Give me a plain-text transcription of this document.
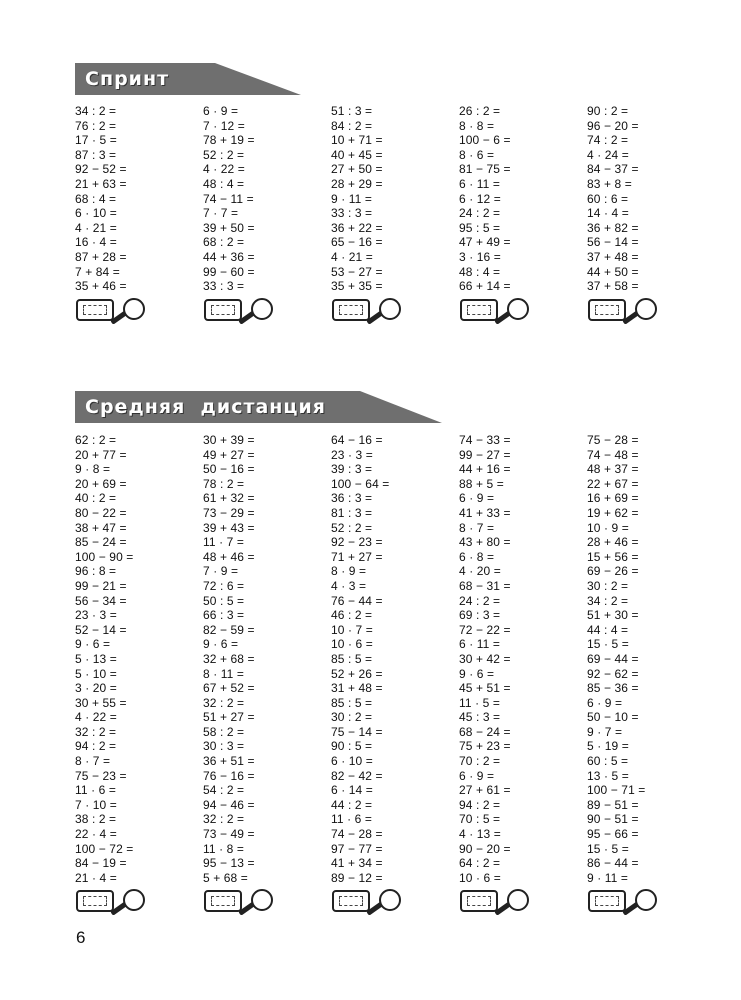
Спринт
34 : 2 =
76 : 2 =
17 · 5 =
87 : 3 =
92 − 52 =
21 + 63 =
68 : 4 =
6 · 10 =
4 · 21 =
16 · 4 =
87 + 28 =
7 + 84 =
35 + 46 =
6 · 9 =
7 · 12 =
78 + 19 =
52 : 2 =
4 · 22 =
48 : 4 =
74 − 11 =
7 · 7 =
39 + 50 =
68 : 2 =
44 + 36 =
99 − 60 =
33 : 3 =
51 : 3 =
84 : 2 =
10 + 71 =
40 + 45 =
27 + 50 =
28 + 29 =
9 · 11 =
33 : 3 =
36 + 22 =
65 − 16 =
4 · 21 =
53 − 27 =
35 + 35 =
26 : 2 =
8 · 8 =
100 − 6 =
8 · 6 =
81 − 75 =
6 · 11 =
6 · 12 =
24 : 2 =
95 : 5 =
47 + 49 =
3 · 16 =
48 : 4 =
66 + 14 =
90 : 2 =
96 − 20 =
74 : 2 =
4 · 24 =
84 − 37 =
83 + 8 =
60 : 6 =
14 · 4 =
36 + 82 =
56 − 14 =
37 + 48 =
44 + 50 =
37 + 58 =
Средняя  дистанция
62 : 2 =
20 + 77 =
9 · 8 =
20 + 69 =
40 : 2 =
80 − 22 =
38 + 47 =
85 − 24 =
100 − 90 =
96 : 8 =
99 − 21 =
56 − 34 =
23 · 3 =
52 − 14 =
9 · 6 =
5 · 13 =
5 · 10 =
3 · 20 =
30 + 55 =
4 · 22 =
32 : 2 =
94 : 2 =
8 · 7 =
75 − 23 =
11 · 6 =
7 · 10 =
38 : 2 =
22 · 4 =
100 − 72 =
84 − 19 =
21 · 4 =
30 + 39 =
49 + 27 =
50 − 16 =
78 : 2 =
61 + 32 =
73 − 29 =
39 + 43 =
11 · 7 =
48 + 46 =
7 · 9 =
72 : 6 =
50 : 5 =
66 : 3 =
82 − 59 =
9 · 6 =
32 + 68 =
8 · 11 =
67 + 52 =
32 : 2 =
51 + 27 =
58 : 2 =
30 : 3 =
36 + 51 =
76 − 16 =
54 : 2 =
94 − 46 =
32 : 2 =
73 − 49 =
11 · 8 =
95 − 13 =
5 + 68 =
64 − 16 =
23 · 3 =
39 : 3 =
100 − 64 =
36 : 3 =
81 : 3 =
52 : 2 =
92 − 23 =
71 + 27 =
8 · 9 =
4 · 3 =
76 − 44 =
46 : 2 =
10 · 7 =
10 · 6 =
85 : 5 =
52 + 26 =
31 + 48 =
85 : 5 =
30 : 2 =
75 − 14 =
90 : 5 =
6 · 10 =
82 − 42 =
6 · 14 =
44 : 2 =
11 · 6 =
74 − 28 =
97 − 77 =
41 + 34 =
89 − 12 =
74 − 33 =
99 − 27 =
44 + 16 =
88 + 5 =
6 · 9 =
41 + 33 =
8 · 7 =
43 + 80 =
6 · 8 =
4 · 20 =
68 − 31 =
24 : 2 =
69 : 3 =
72 − 22 =
6 · 11 =
30 + 42 =
9 · 6 =
45 + 51 =
11 · 5 =
45 : 3 =
68 − 24 =
75 + 23 =
70 : 2 =
6 · 9 =
27 + 61 =
94 : 2 =
70 : 5 =
4 · 13 =
90 − 20 =
64 : 2 =
10 · 6 =
75 − 28 =
74 − 48 =
48 + 37 =
22 + 67 =
16 + 69 =
19 + 62 =
10 · 9 =
28 + 46 =
15 + 56 =
69 − 26 =
30 : 2 =
34 : 2 =
51 + 30 =
44 : 4 =
15 · 5 =
69 − 44 =
92 − 62 =
85 − 36 =
6 · 9 =
50 − 10 =
9 · 7 =
5 · 19 =
60 : 5 =
13 · 5 =
100 − 71 =
89 − 51 =
90 − 51 =
95 − 66 =
15 · 5 =
86 − 44 =
9 · 11 =
6
